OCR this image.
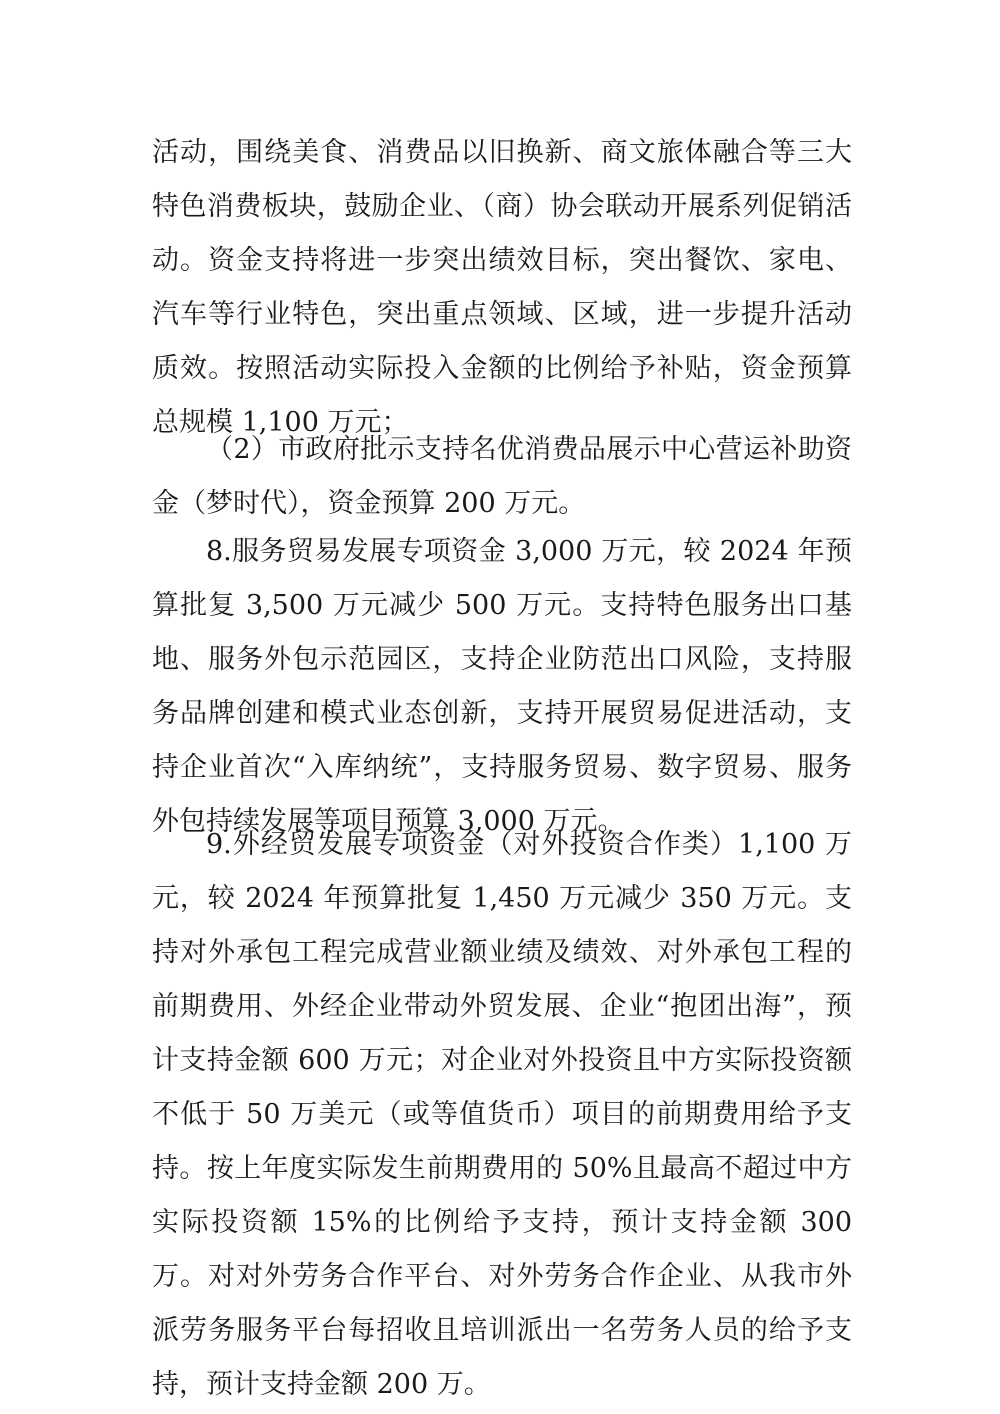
活动，围绕美食、消费品以旧换新、商文旅体融合等三大特色消费板块，鼓励企业、（商）协会联动开展系列促销活动。资金支持将进一步突出绩效目标，突出餐饮、家电、汽车等行业特色，突出重点领域、区域，进一步提升活动质效。按照活动实际投入金额的比例给予补贴，资金预算总规模 1,100 万元；

（2）市政府批示支持名优消费品展示中心营运补助资金（梦时代），资金预算 200 万元。

8.服务贸易发展专项资金 3,000 万元，较 2024 年预算批复 3,500 万元减少 500 万元。支持特色服务出口基地、服务外包示范园区，支持企业防范出口风险，支持服务品牌创建和模式业态创新，支持开展贸易促进活动，支持企业首次“入库纳统”，支持服务贸易、数字贸易、服务外包持续发展等项目预算 3,000 万元。

9.外经贸发展专项资金（对外投资合作类）1,100 万元，较 2024 年预算批复 1,450 万元减少 350 万元。支持对外承包工程完成营业额业绩及绩效、对外承包工程的前期费用、外经企业带动外贸发展、企业“抱团出海”，预计支持金额 600 万元；对企业对外投资且中方实际投资额不低于 50 万美元（或等值货币）项目的前期费用给予支持。按上年度实际发生前期费用的 50%且最高不超过中方实际投资额 15%的比例给予支持，预计支持金额 300 万。对对外劳务合作平台、对外劳务合作企业、从我市外派劳务服务平台每招收且培训派出一名劳务人员的给予支持，预计支持金额 200 万。
